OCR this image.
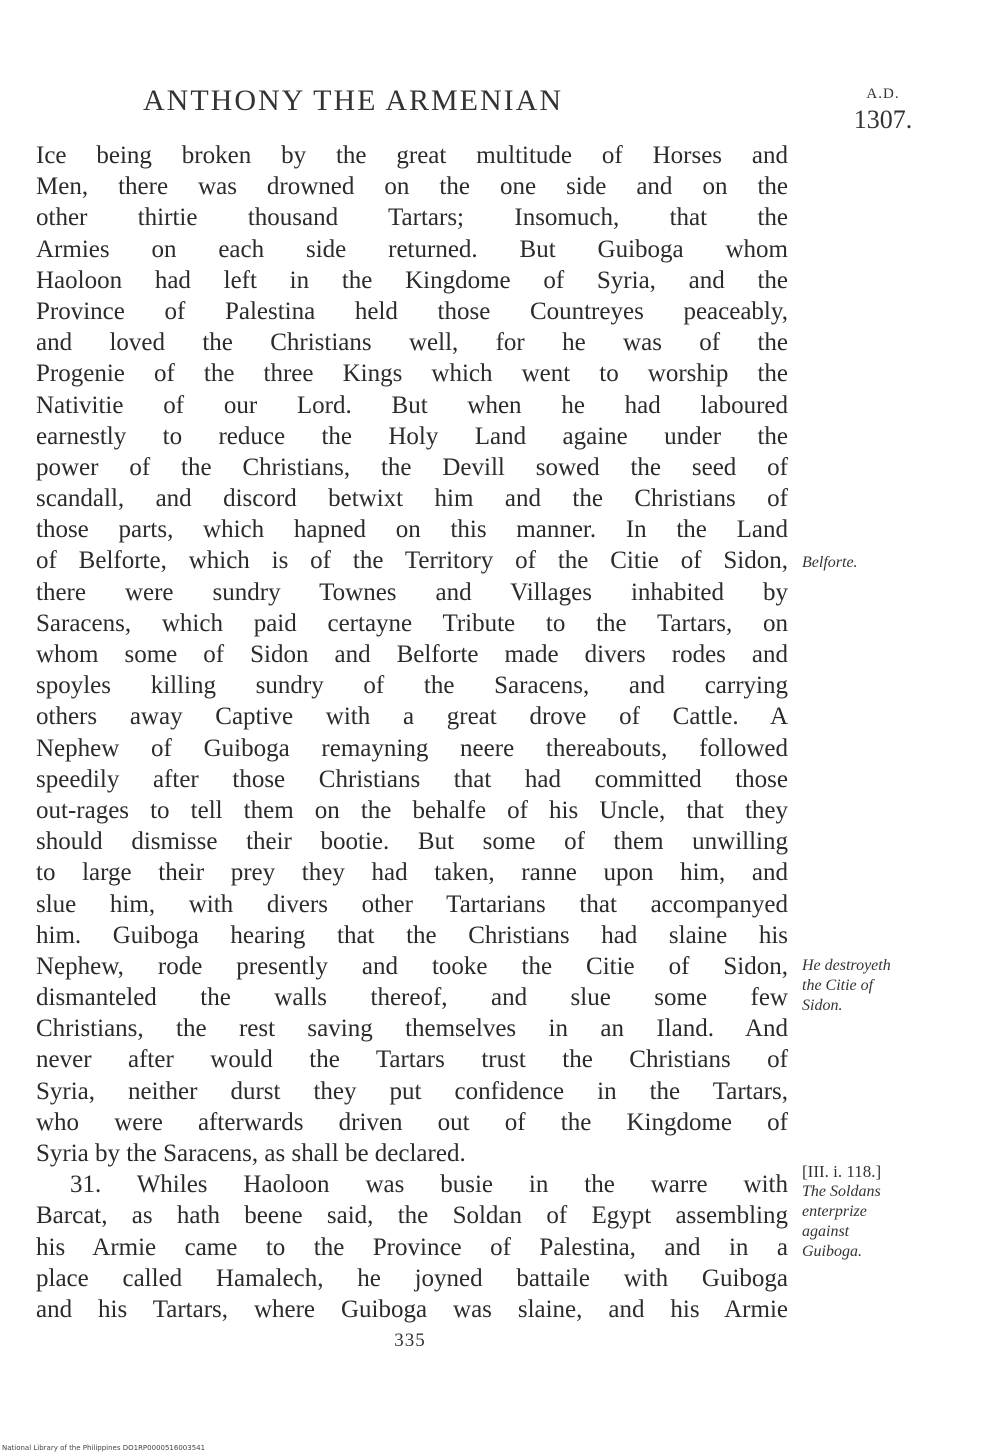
ANTHONY THE ARMENIAN	A.D.
1307.
Ice being broken by the great multitude of Horses and
Men, there was drowned on the one side and on the
other thirtie thousand Tartars; Insomuch, that the
Armies on each side returned. But Guiboga whom
Haoloon had left in the Kingdome of Syria, and the
Province of Palestina held those Countreyes peaceably,
and loved the Christians well, for he was of the
Progenie of the three Kings which went to worship the
Nativitie of our Lord. But when he had laboured
earnestly to reduce the Holy Land againe under the
power of the Christians, the Devill sowed the seed of
scandall, and discord betwixt him and the Christians of
those parts, which hapned on this manner. In the Land
of Belforte, which is of the Territory of the Citie of Sidon,
there were sundry Townes and Villages inhabited by
Saracens, which paid certayne Tribute to the Tartars, on
whom some of Sidon and Belforte made divers rodes and
spoyles killing sundry of the Saracens, and carrying
others away Captive with a great drove of Cattle. A
Nephew of Guiboga remayning neere thereabouts, followed
speedily after those Christians that had committed those
out-rages to tell them on the behalfe of his Uncle, that they
should dismisse their bootie. But some of them unwilling
to large their prey they had taken, ranne upon him, and
slue him, with divers other Tartarians that accompanyed
him. Guiboga hearing that the Christians had slaine his
Nephew, rode presently and tooke the Citie of Sidon,
dismanteled the walls thereof, and slue some few
Christians, the rest saving themselves in an Iland. And
never after would the Tartars trust the Christians of
Syria, neither durst they put confidence in the Tartars,
who were afterwards driven out of the Kingdome of
Syria by the Saracens, as shall be declared.
31. Whiles Haoloon was busie in the warre with
Barcat, as hath beene said, the Soldan of Egypt assembling
his Armie came to the Province of Palestina, and in a
place called Hamalech, he joyned battaile with Guiboga
and his Tartars, where Guiboga was slaine, and his Armie
Belforte.
He destroyeth
the Citie of
Sidon.
[III. i. 118.]
The Soldans
enterprize
against
Guiboga.
335
National Library of the Philippines DO1RP0000516003541
